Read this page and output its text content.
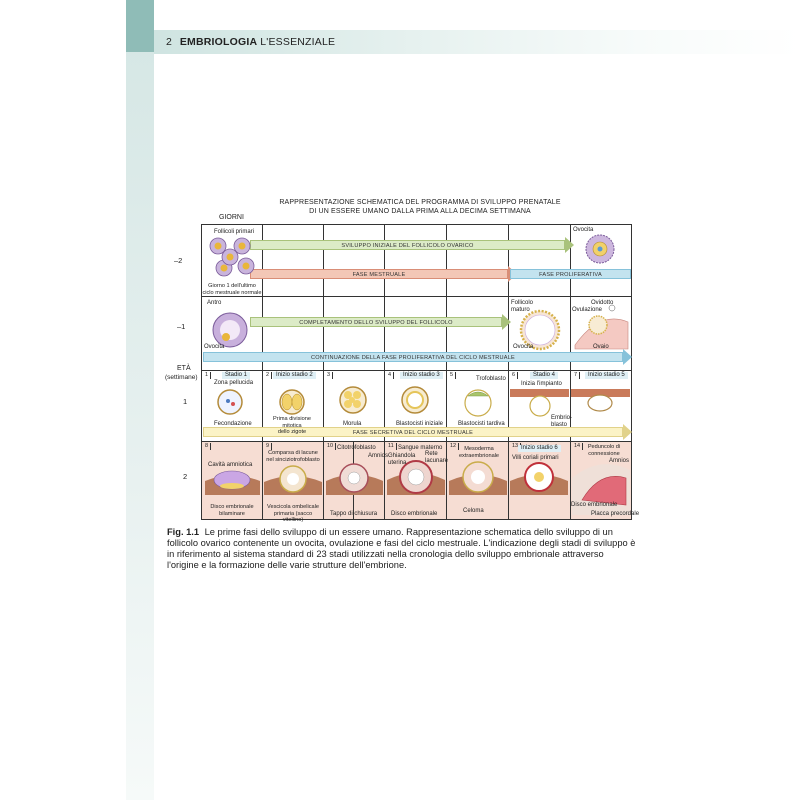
2 EMBRIOLOGIA L'ESSENZIALE
RAPPRESENTAZIONE SCHEMATICA DEL PROGRAMMA DI SVILUPPO PRENATALE
DI UN ESSERE UMANO DALLA PRIMA ALLA DECIMA SETTIMANA
GIORNI
ETÀ
(settimane)
–2
–1
1
2
1	2	3	4	5	6	7
8	9	10	11	12	13	14
SVILUPPO INIZIALE DEL FOLLICOLO OVARICO
FASE MESTRUALE	FASE PROLIFERATIVA
COMPLETAMENTO DELLO SVILUPPO DEL FOLLICOLO
CONTINUAZIONE DELLA FASE PROLIFERATIVA DEL CICLO MESTRUALE
FASE SECRETIVA DEL CICLO MESTRUALE
Follicoli primari
Giorno 1 dell'ultimo
ciclo mestruale normale
Ovocita
Antro
Ovocita
Follicolo
maturo
Ovocita
Ovidotto
Ovulazione
Ovaio
Stadio 1	Inizio stadio 2	Inizio stadio 3	Stadio 4	Inizio stadio 5
Zona pellucida
Fecondazione
Prima divisione mitotica
dello zigote
Morula	Blastocisti iniziale
Trofoblasto
Blastocisti tardiva
Inizia l'impianto
Embrio-
blasto
Inizio stadio 6
Cavità amniotica
Disco embrionale
bilaminare
Comparsa di lacune
nel sinciziotrofoblasto
Vescicola ombelicale
primaria (sacco vitellino)
Citotrofoblasto
Amnios
Tappo di chiusura
Sangue materno
Rete
lacunare
Ghiandola
uterina
Disco embrionale
Mesoderma
extraembrionale
Celoma
Villi coriali primari
Peduncolo di
connessione
Amnios
Disco embrionale
Placca precordale
Fig. 1.1 Le prime fasi dello sviluppo di un essere umano. Rappresentazione schematica dello sviluppo di un follicolo ovarico contenente un ovocita, ovulazione e fasi del ciclo mestruale. L'indicazione degli stadi di sviluppo è in riferimento al sistema standard di 23 stadi utilizzati nella cronologia dello sviluppo embrionale attraverso l'origine e la formazione delle varie strutture dell'embrione.
